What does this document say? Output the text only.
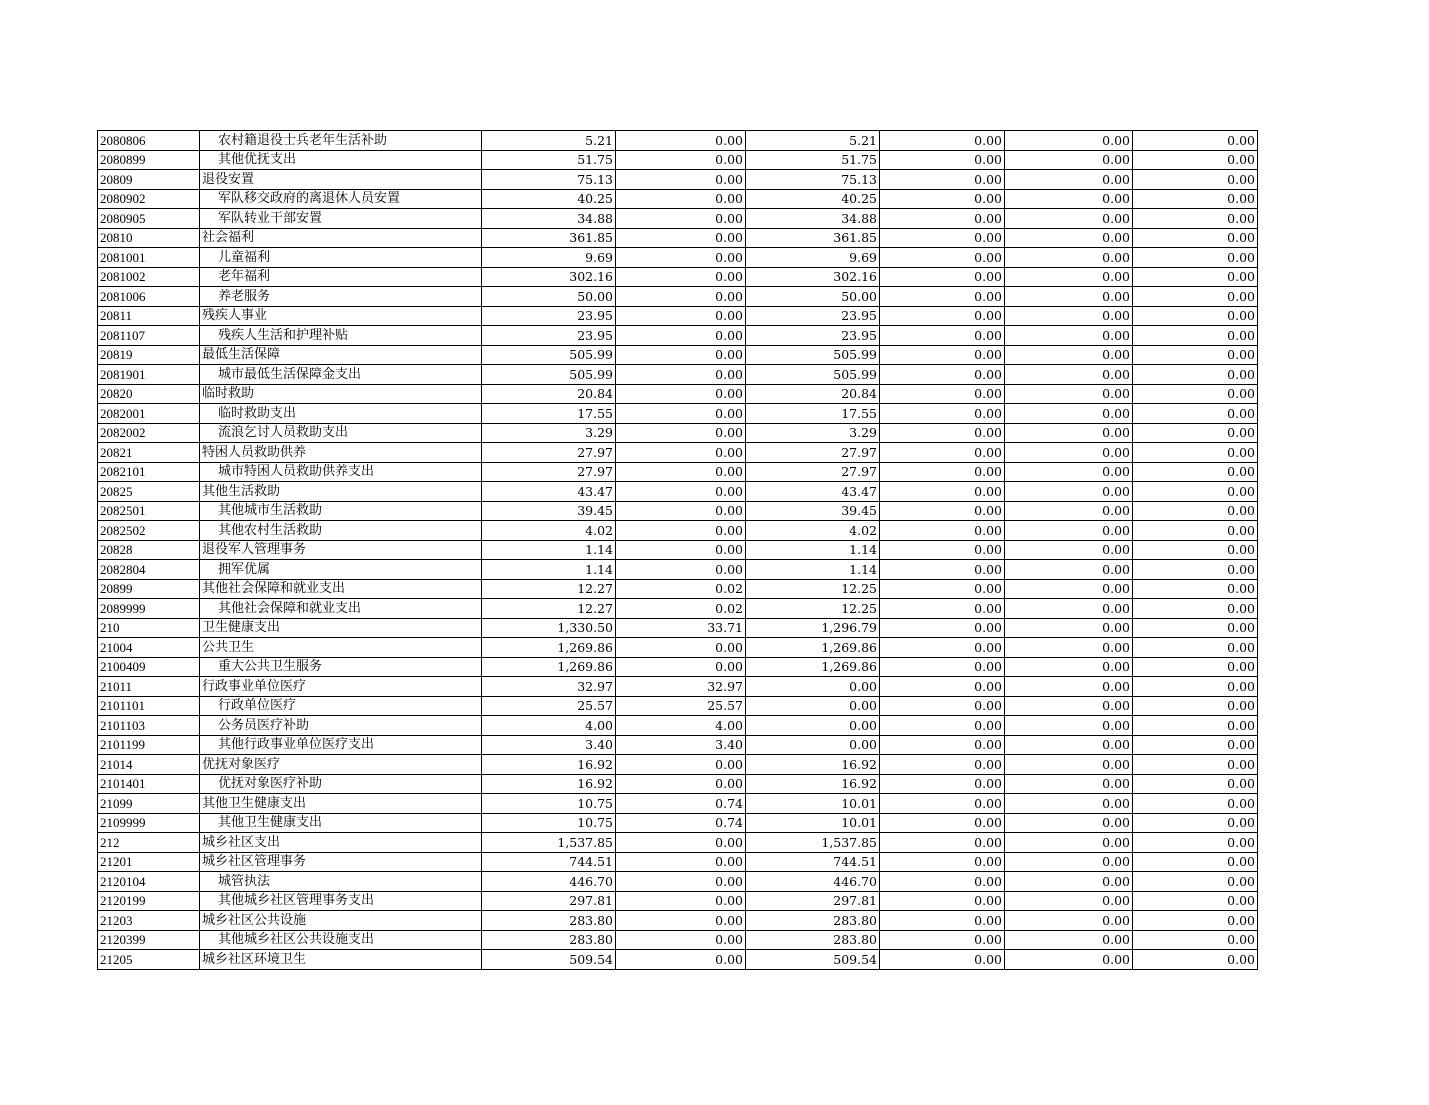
2080806	农村籍退役士兵老年生活补助	5.21	0.00	5.21	0.00	0.00	0.00
2080899	其他优抚支出	51.75	0.00	51.75	0.00	0.00	0.00
20809	退役安置	75.13	0.00	75.13	0.00	0.00	0.00
2080902	军队移交政府的离退休人员安置	40.25	0.00	40.25	0.00	0.00	0.00
2080905	军队转业干部安置	34.88	0.00	34.88	0.00	0.00	0.00
20810	社会福利	361.85	0.00	361.85	0.00	0.00	0.00
2081001	儿童福利	9.69	0.00	9.69	0.00	0.00	0.00
2081002	老年福利	302.16	0.00	302.16	0.00	0.00	0.00
2081006	养老服务	50.00	0.00	50.00	0.00	0.00	0.00
20811	残疾人事业	23.95	0.00	23.95	0.00	0.00	0.00
2081107	残疾人生活和护理补贴	23.95	0.00	23.95	0.00	0.00	0.00
20819	最低生活保障	505.99	0.00	505.99	0.00	0.00	0.00
2081901	城市最低生活保障金支出	505.99	0.00	505.99	0.00	0.00	0.00
20820	临时救助	20.84	0.00	20.84	0.00	0.00	0.00
2082001	临时救助支出	17.55	0.00	17.55	0.00	0.00	0.00
2082002	流浪乞讨人员救助支出	3.29	0.00	3.29	0.00	0.00	0.00
20821	特困人员救助供养	27.97	0.00	27.97	0.00	0.00	0.00
2082101	城市特困人员救助供养支出	27.97	0.00	27.97	0.00	0.00	0.00
20825	其他生活救助	43.47	0.00	43.47	0.00	0.00	0.00
2082501	其他城市生活救助	39.45	0.00	39.45	0.00	0.00	0.00
2082502	其他农村生活救助	4.02	0.00	4.02	0.00	0.00	0.00
20828	退役军人管理事务	1.14	0.00	1.14	0.00	0.00	0.00
2082804	拥军优属	1.14	0.00	1.14	0.00	0.00	0.00
20899	其他社会保障和就业支出	12.27	0.02	12.25	0.00	0.00	0.00
2089999	其他社会保障和就业支出	12.27	0.02	12.25	0.00	0.00	0.00
210	卫生健康支出	1,330.50	33.71	1,296.79	0.00	0.00	0.00
21004	公共卫生	1,269.86	0.00	1,269.86	0.00	0.00	0.00
2100409	重大公共卫生服务	1,269.86	0.00	1,269.86	0.00	0.00	0.00
21011	行政事业单位医疗	32.97	32.97	0.00	0.00	0.00	0.00
2101101	行政单位医疗	25.57	25.57	0.00	0.00	0.00	0.00
2101103	公务员医疗补助	4.00	4.00	0.00	0.00	0.00	0.00
2101199	其他行政事业单位医疗支出	3.40	3.40	0.00	0.00	0.00	0.00
21014	优抚对象医疗	16.92	0.00	16.92	0.00	0.00	0.00
2101401	优抚对象医疗补助	16.92	0.00	16.92	0.00	0.00	0.00
21099	其他卫生健康支出	10.75	0.74	10.01	0.00	0.00	0.00
2109999	其他卫生健康支出	10.75	0.74	10.01	0.00	0.00	0.00
212	城乡社区支出	1,537.85	0.00	1,537.85	0.00	0.00	0.00
21201	城乡社区管理事务	744.51	0.00	744.51	0.00	0.00	0.00
2120104	城管执法	446.70	0.00	446.70	0.00	0.00	0.00
2120199	其他城乡社区管理事务支出	297.81	0.00	297.81	0.00	0.00	0.00
21203	城乡社区公共设施	283.80	0.00	283.80	0.00	0.00	0.00
2120399	其他城乡社区公共设施支出	283.80	0.00	283.80	0.00	0.00	0.00
21205	城乡社区环境卫生	509.54	0.00	509.54	0.00	0.00	0.00
